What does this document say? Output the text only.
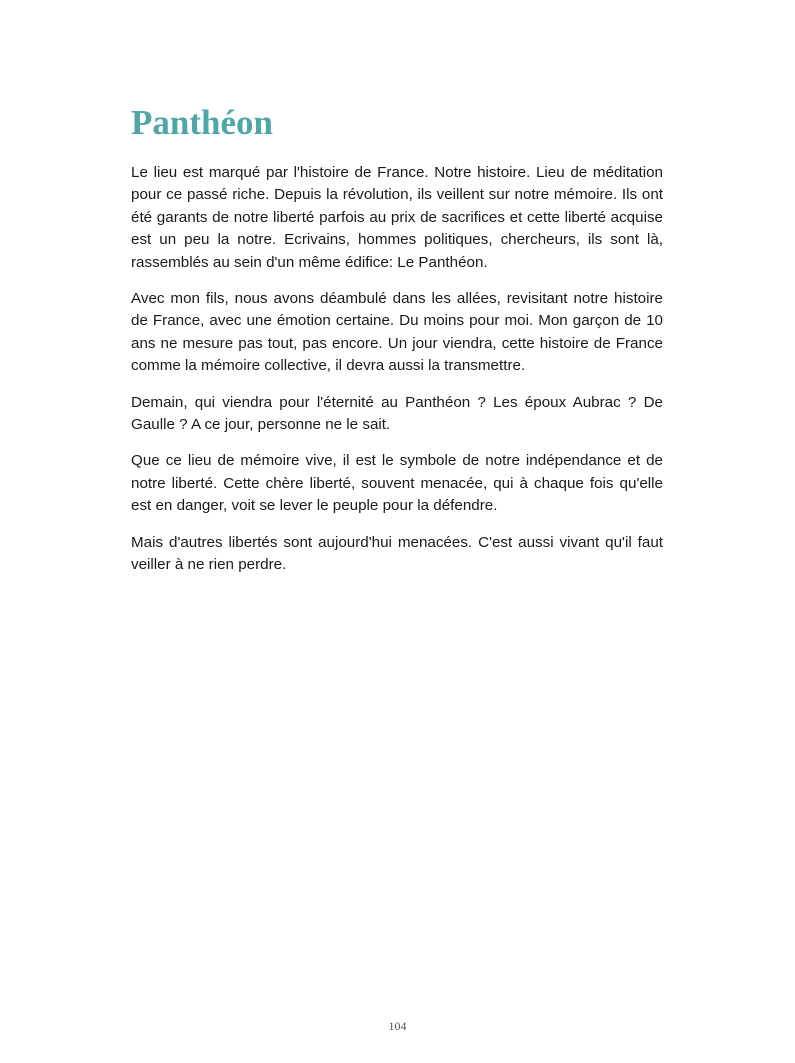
Panthéon

Le lieu est marqué par l'histoire de France. Notre histoire. Lieu de méditation pour ce passé riche. Depuis la révolution, ils veillent sur notre mémoire. Ils ont été garants de notre liberté parfois au prix de sacrifices et cette liberté acquise est un peu la notre. Ecrivains, hommes politiques, chercheurs, ils sont là, rassemblés au sein d'un même édifice: Le Panthéon.

Avec mon fils, nous avons déambulé dans les allées, revisitant notre histoire de France, avec une émotion certaine. Du moins pour moi. Mon garçon de 10 ans ne mesure pas tout, pas encore. Un jour viendra, cette histoire de France comme la mémoire collective, il devra aussi la transmettre.

Demain, qui viendra pour l'éternité au Panthéon ? Les époux Aubrac ? De Gaulle ? A ce jour, personne ne le sait.

Que ce lieu de mémoire vive, il est le symbole de notre indépendance et de notre liberté. Cette chère liberté, souvent menacée, qui à chaque fois qu'elle est en danger, voit se lever le peuple pour la défendre.

Mais d'autres libertés sont aujourd'hui menacées. C'est aussi vivant qu'il faut veiller à ne rien perdre.

104
